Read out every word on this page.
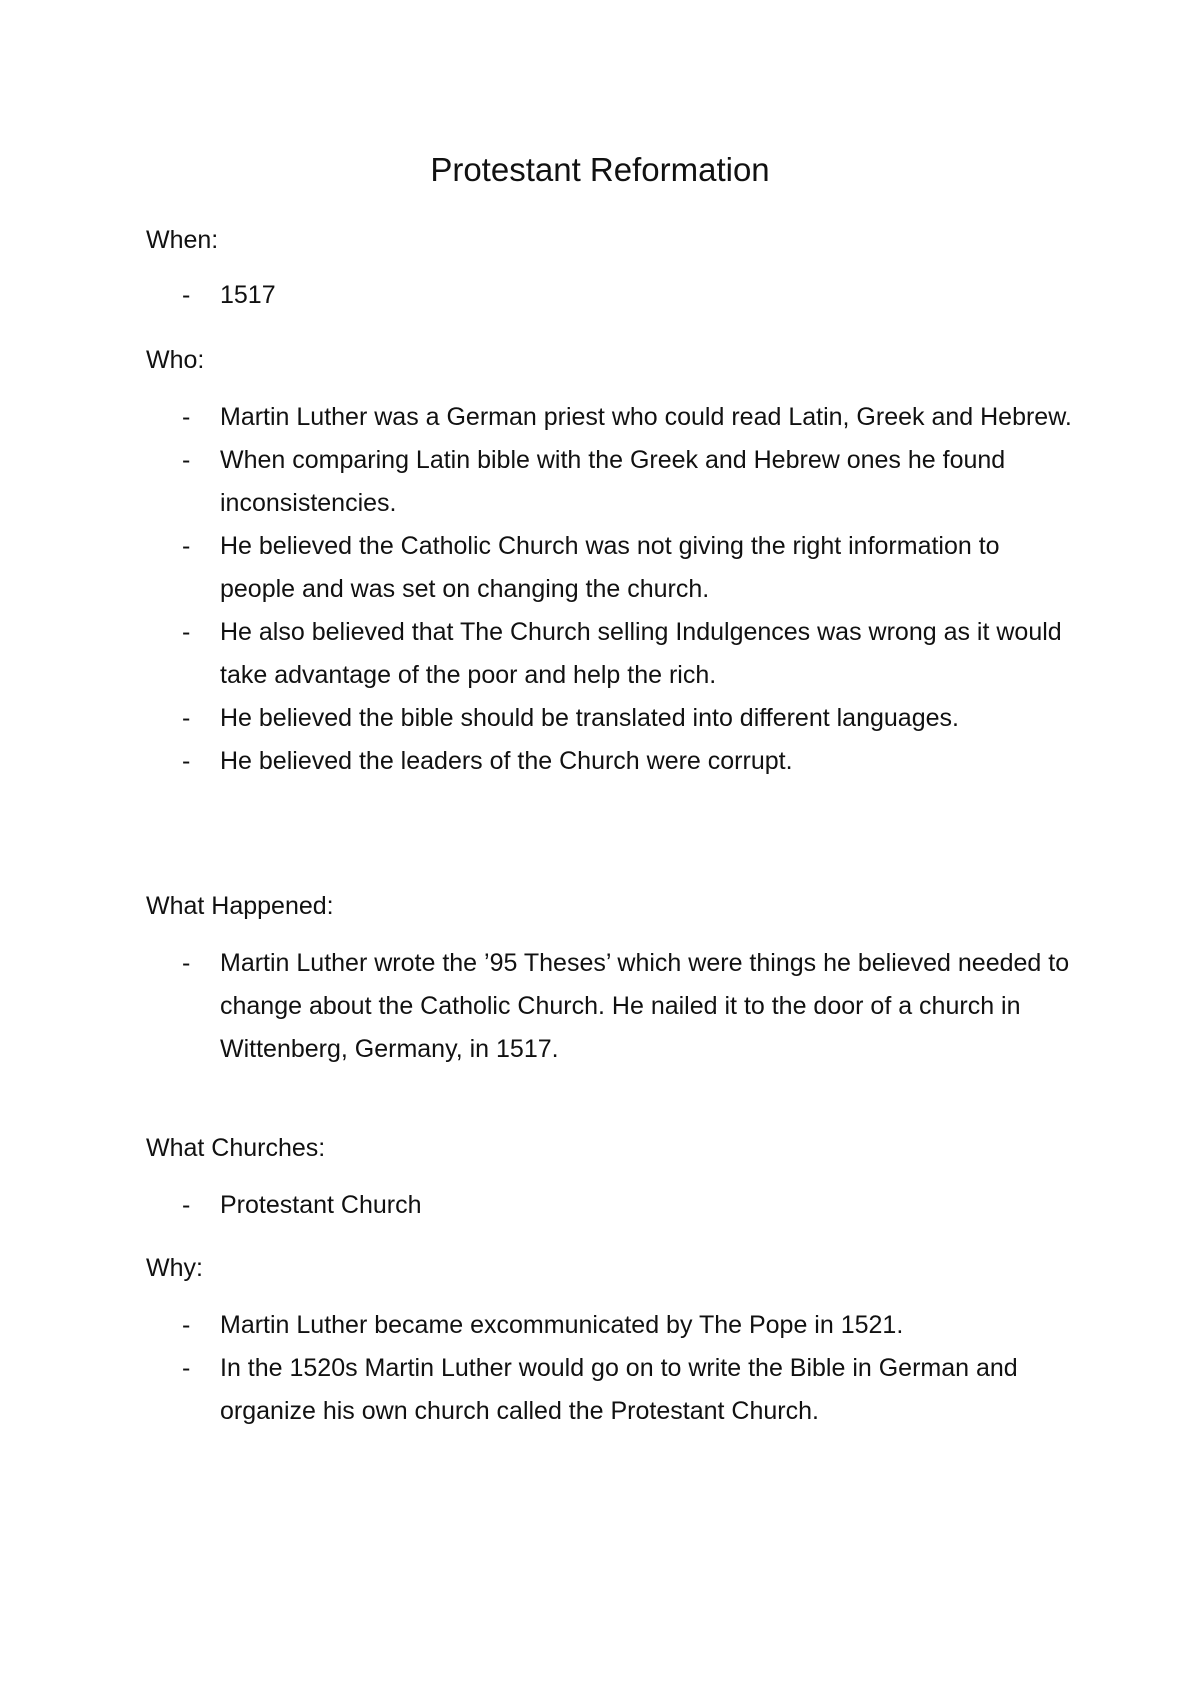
Protestant Reformation

When:

- 1517

Who:

- Martin Luther was a German priest who could read Latin, Greek and Hebrew.
- When comparing Latin bible with the Greek and Hebrew ones he found inconsistencies.
- He believed the Catholic Church was not giving the right information to people and was set on changing the church.
- He also believed that The Church selling Indulgences was wrong as it would take advantage of the poor and help the rich.
- He believed the bible should be translated into different languages.
- He believed the leaders of the Church were corrupt.

What Happened:

- Martin Luther wrote the ’95 Theses’ which were things he believed needed to change about the Catholic Church. He nailed it to the door of a church in Wittenberg, Germany, in 1517.

What Churches:

- Protestant Church

Why:

- Martin Luther became excommunicated by The Pope in 1521.
- In the 1520s Martin Luther would go on to write the Bible in German and organize his own church called the Protestant Church.
